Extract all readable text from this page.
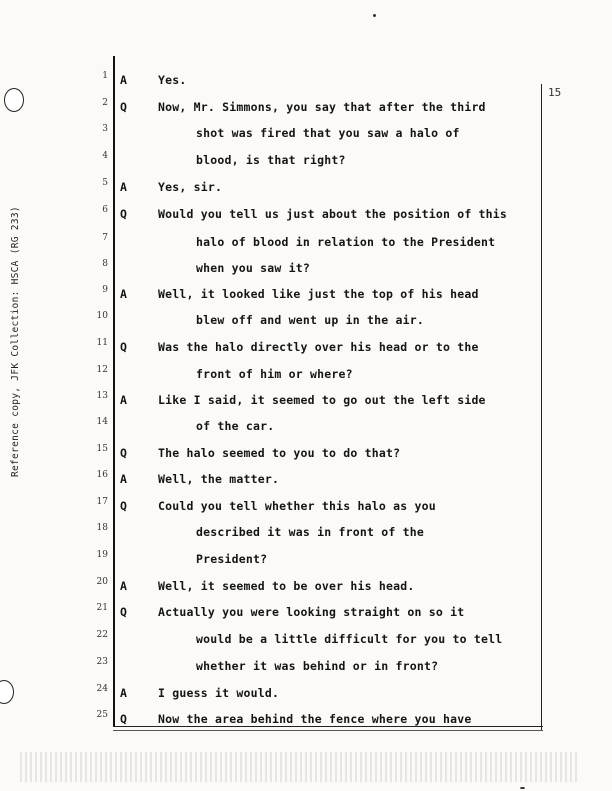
Reference copy, JFK Collection: HSCA (RG 233)
15
1 A	Yes.
2 Q	Now, Mr. Simmons, you say that after the third
3	shot was fired that you saw a halo of
4	blood, is that right?
5 A	Yes, sir.
6 Q	Would you tell us just about the position of this
7	halo of blood in relation to the President
8	when you saw it?
9 A	Well, it looked like just the top of his head
10	blew off and went up in the air.
11 Q	Was the halo directly over his head or to the
12	front of him or where?
13 A	Like I said, it seemed to go out the left side
14	of the car.
15 Q	The halo seemed to you to do that?
16 A	Well, the matter.
17 Q	Could you tell whether this halo as you
18	described it was in front of the
19	President?
20 A	Well, it seemed to be over his head.
21 Q	Actually you were looking straight on so it
22	would be a little difficult for you to tell
23	whether it was behind or in front?
24 A	I guess it would.
25 Q	Now the area behind the fence where you have
